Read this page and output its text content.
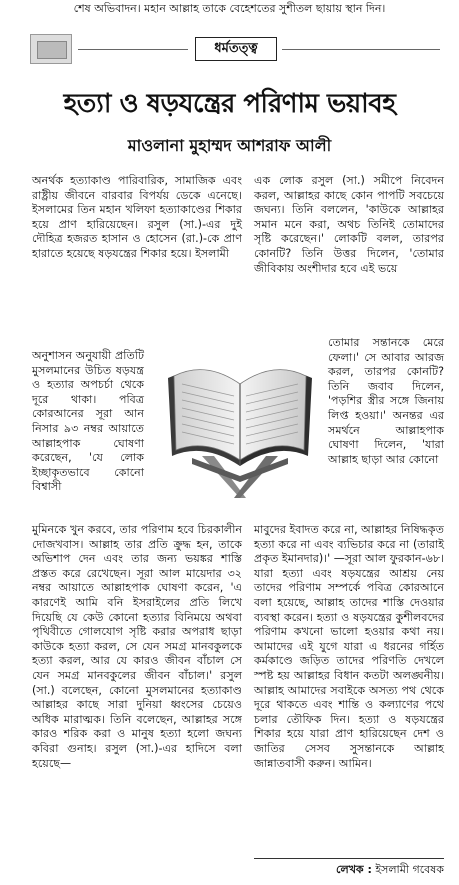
শেষ অভিবাদন। মহান আল্লাহ তাকে বেহেশতের সুশীতল ছায়ায় স্থান দিন।
ধর্মতত্ত্ব
হত্যা ও ষড়যন্ত্রের পরিণাম ভয়াবহ
মাওলানা মুহাম্মদ আশরাফ আলী

অনর্থক হত্যাকাণ্ড পারিবারিক, সামাজিক এবং রাষ্ট্রীয় জীবনে বারবার বিপর্যয় ডেকে এনেছে। ইসলামের তিন মহান খলিফা হত্যাকাণ্ডের শিকার হয়ে প্রাণ হারিয়েছেন। রসুল (সা.)-এর দুই দৌহিত্র হজরত হাসান ও হোসেন (রা.)-কে প্রাণ হারাতে হয়েছে ষড়যন্ত্রের শিকার হয়ে। ইসলামী

অনুশাসন অনুযায়ী প্রতিটি মুসলমানের উচিত ষড়যন্ত্র ও হত্যার অপচর্চা থেকে দূরে থাকা। পবিত্র কোরআনের সূরা আন নিসার ৯৩ নম্বর আয়াতে আল্লাহপাক ঘোষণা করেছেন, 'যে লোক ইচ্ছাকৃতভাবে কোনো বিশ্বাসী

মুমিনকে খুন করবে, তার পরিণাম হবে চিরকালীন দোজখবাস। আল্লাহ তার প্রতি ক্রুদ্ধ হন, তাকে অভিশাপ দেন এবং তার জন্য ভয়ঙ্কর শাস্তি প্রস্তত করে রেখেছেন। সূরা আল মায়েদার ৩২ নম্বর আয়াতে আল্লাহপাক ঘোষণা করেন, 'এ কারণেই আমি বনি ইসরাইলের প্রতি লিখে দিয়েছি যে কেউ কোনো হত্যার বিনিময়ে অথবা পৃথিবীতে গোলযোগ সৃষ্টি করার অপরাধ ছাড়া কাউকে হত্যা করল, সে যেন সমগ্র মানবকুলকে হত্যা করল, আর যে কারও জীবন বাঁচাল সে যেন সমগ্র মানবকুলের জীবন বাঁচাল।' রসুল (সা.) বলেছেন, কোনো মুসলমানের হত্যাকাণ্ড আল্লাহর কাছে সারা দুনিয়া ধ্বংসের চেয়েও অধিক মারাত্মক। তিনি বলেছেন, আল্লাহর সঙ্গে কারও শরিক করা ও মানুষ হত্যা হলো জঘন্য কবিরা গুনাহ। রসুল (সা.)-এর হাদিসে বলা হয়েছে—

এক লোক রসুল (সা.) সমীপে নিবেদন করল, আল্লাহর কাছে কোন পাপটি সবচেয়ে জঘন্য। তিনি বললেন, 'কাউকে আল্লাহর সমান মনে করা, অথচ তিনিই তোমাদের সৃষ্টি করেছেন।' লোকটি বলল, তারপর কোনটি? তিনি উত্তর দিলেন, 'তোমার জীবিকায় অংশীদার হবে এই ভয়ে

তোমার সন্তানকে মেরে ফেলা।' সে আবার আরজ করল, তারপর কোনটি? তিনি জবাব দিলেন, 'পড়শির স্ত্রীর সঙ্গে জিনায় লিপ্ত হওয়া।' অনন্তর এর সমর্থনে আল্লাহপাক ঘোষণা দিলেন, 'যারা আল্লাহ ছাড়া আর কোনো

মাবুদের ইবাদত করে না, আল্লাহর নিষিদ্ধকৃত হত্যা করে না এবং ব্যভিচার করে না (তারাই প্রকৃত ইমানদার)।' —সূরা আল ফুরকান-৬৮। যারা হত্যা এবং ষড়যন্ত্রের আশ্রয় নেয় তাদের পরিণাম সম্পর্কে পবিত্র কোরআনে বলা হয়েছে, আল্লাহ তাদের শাস্তি দেওয়ার ব্যবস্থা করেন। হত্যা ও ষড়যন্ত্রের কুশীলবদের পরিণাম কখনো ভালো হওয়ার কথা নয়। আমাদের এই যুগে যারা এ ধরনের গর্হিত কর্মকাণ্ডে জড়িত তাদের পরিণতি দেখলে স্পষ্ট হয় আল্লাহর বিধান কতটা অলঙ্ঘনীয়। আল্লাহ আমাদের সবাইকে অসত্য পথ থেকে দূরে থাকতে এবং শান্তি ও কল্যাণের পথে চলার তৌফিক দিন। হত্যা ও ষড়যন্ত্রের শিকার হয়ে যারা প্রাণ হারিয়েছেন দেশ ও জাতির সেসব সুসন্তানকে আল্লাহ জান্নাতবাসী করুন। আমিন।

লেখক : ইসলামী গবেষক
